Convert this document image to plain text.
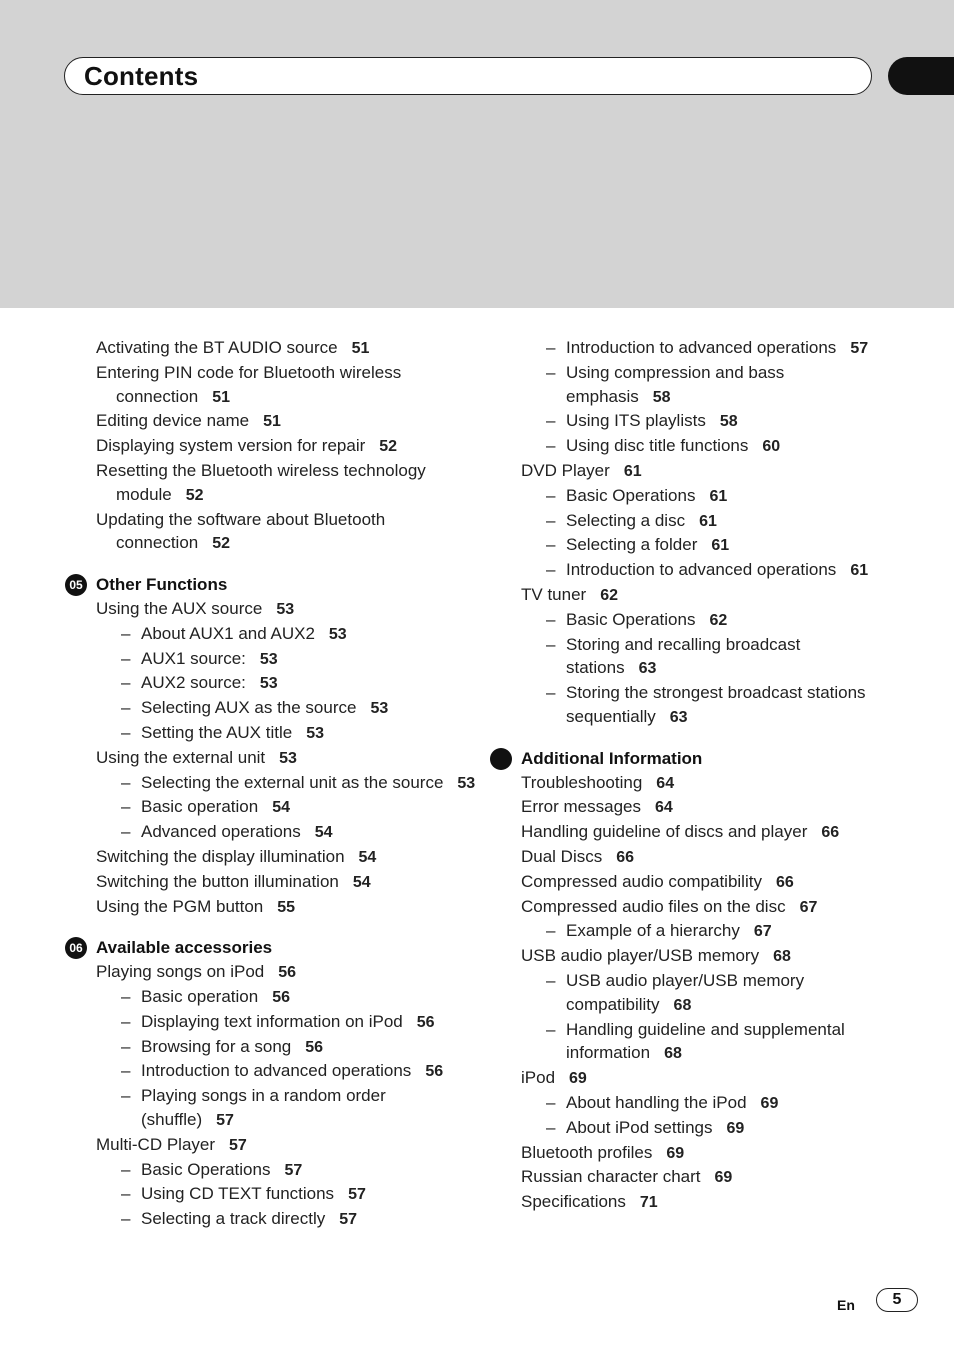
Contents
Activating the BT AUDIO source 51
Entering PIN code for Bluetooth wireless connection 51
Editing device name 51
Displaying system version for repair 52
Resetting the Bluetooth wireless technology module 52
Updating the software about Bluetooth connection 52
05 Other Functions
Using the AUX source 53
– About AUX1 and AUX2 53
– AUX1 source: 53
– AUX2 source: 53
– Selecting AUX as the source 53
– Setting the AUX title 53
Using the external unit 53
– Selecting the external unit as the source 53
– Basic operation 54
– Advanced operations 54
Switching the display illumination 54
Switching the button illumination 54
Using the PGM button 55
06 Available accessories
Playing songs on iPod 56
– Basic operation 56
– Displaying text information on iPod 56
– Browsing for a song 56
– Introduction to advanced operations 56
– Playing songs in a random order (shuffle) 57
Multi-CD Player 57
– Basic Operations 57
– Using CD TEXT functions 57
– Selecting a track directly 57
– Introduction to advanced operations 57
– Using compression and bass emphasis 58
– Using ITS playlists 58
– Using disc title functions 60
DVD Player 61
– Basic Operations 61
– Selecting a disc 61
– Selecting a folder 61
– Introduction to advanced operations 61
TV tuner 62
– Basic Operations 62
– Storing and recalling broadcast stations 63
– Storing the strongest broadcast stations sequentially 63
Additional Information
Troubleshooting 64
Error messages 64
Handling guideline of discs and player 66
Dual Discs 66
Compressed audio compatibility 66
Compressed audio files on the disc 67
– Example of a hierarchy 67
USB audio player/USB memory 68
– USB audio player/USB memory compatibility 68
– Handling guideline and supplemental information 68
iPod 69
– About handling the iPod 69
– About iPod settings 69
Bluetooth profiles 69
Russian character chart 69
Specifications 71
En	5
